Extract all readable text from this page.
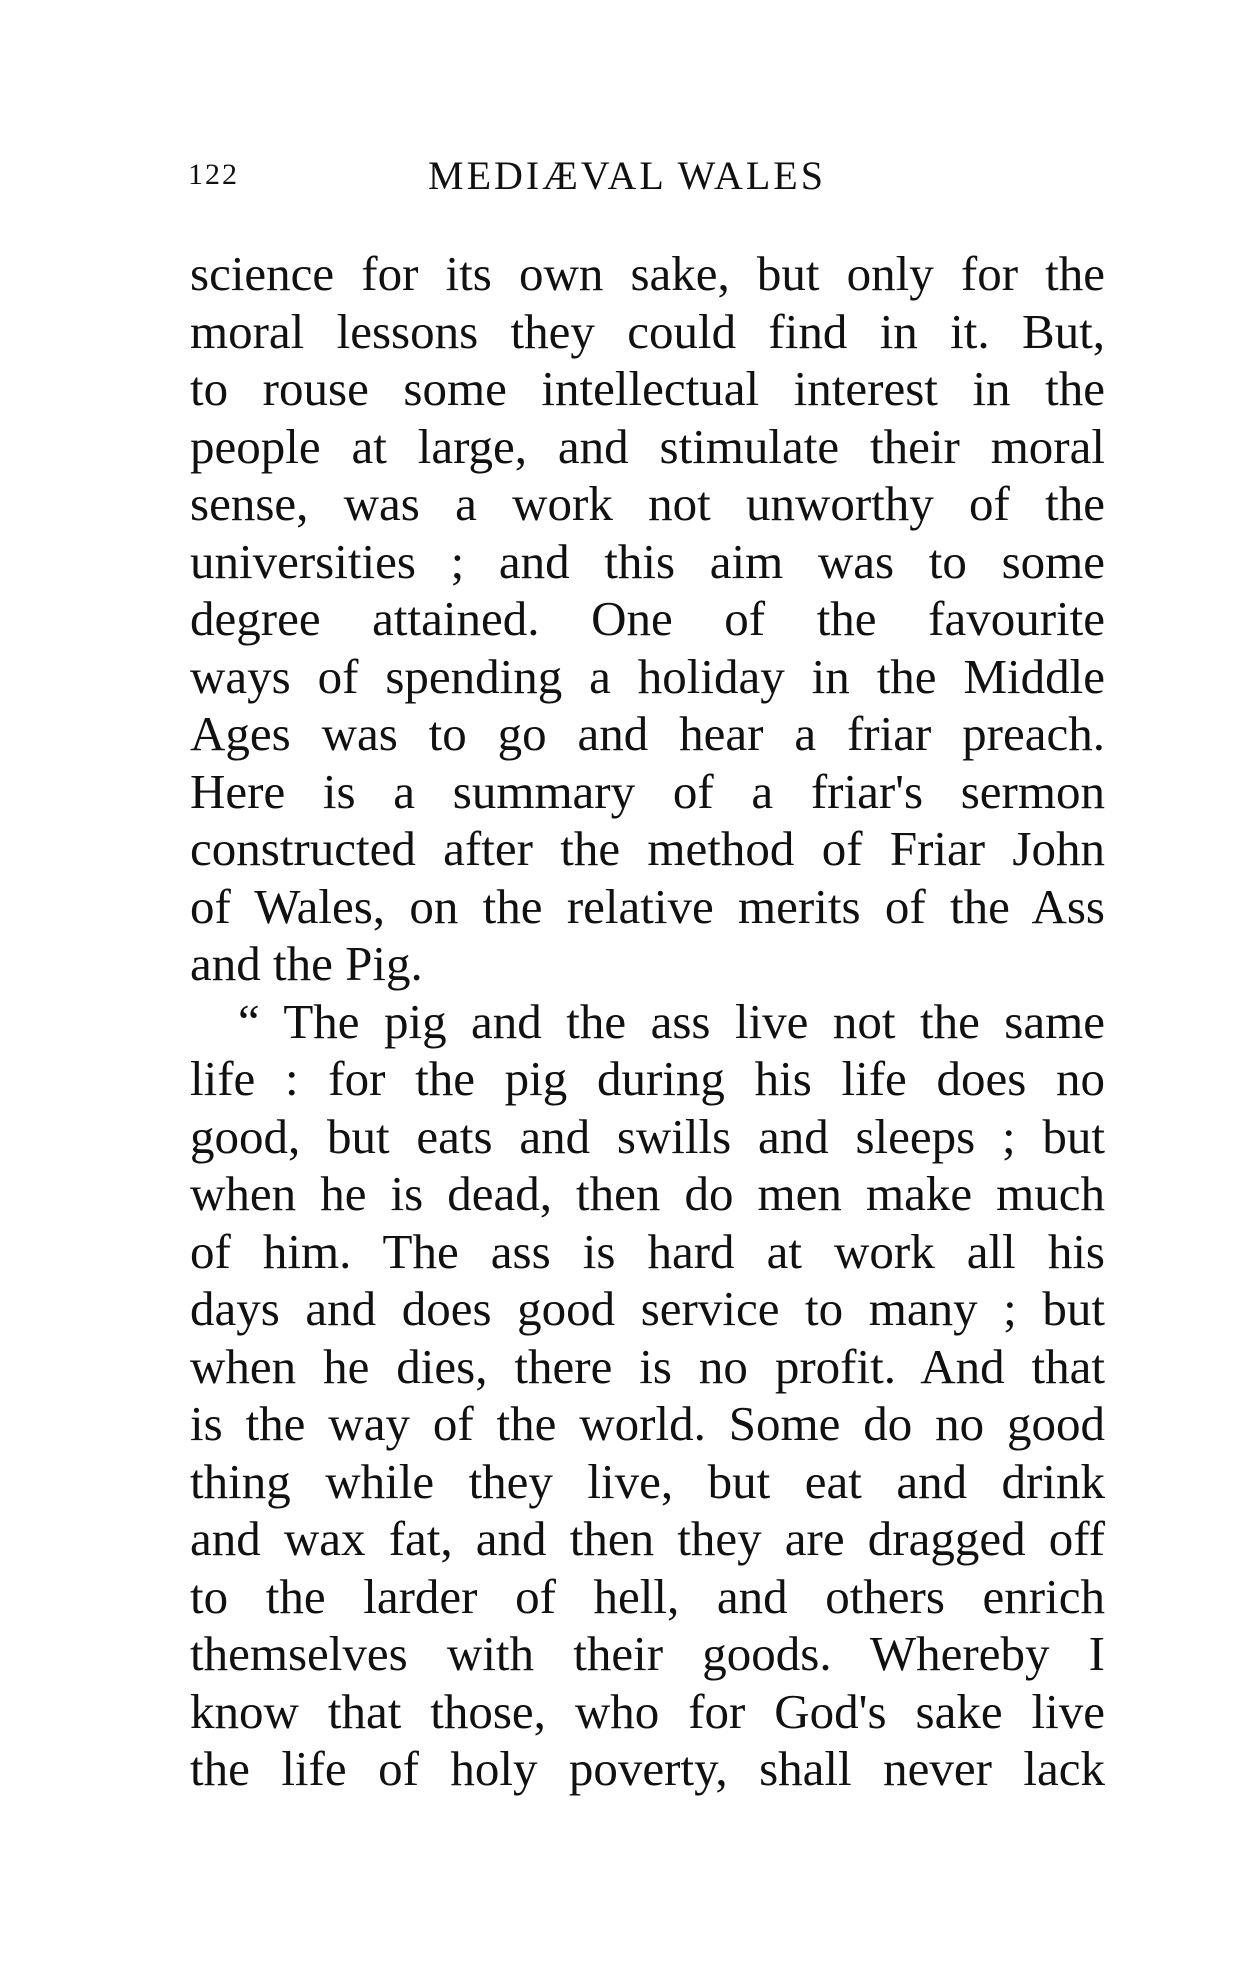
122	MEDIÆVAL WALES
science for its own sake, but only for the
moral lessons they could find in it. But,
to rouse some intellectual interest in the
people at large, and stimulate their moral
sense, was a work not unworthy of the
universities ; and this aim was to some
degree attained. One of the favourite
ways of spending a holiday in the Middle
Ages was to go and hear a friar preach.
Here is a summary of a friar's sermon
constructed after the method of Friar John
of Wales, on the relative merits of the Ass
and the Pig.
“ The pig and the ass live not the same
life : for the pig during his life does no
good, but eats and swills and sleeps ; but
when he is dead, then do men make much
of him. The ass is hard at work all his
days and does good service to many ; but
when he dies, there is no profit. And that
is the way of the world. Some do no good
thing while they live, but eat and drink
and wax fat, and then they are dragged off
to the larder of hell, and others enrich
themselves with their goods. Whereby I
know that those, who for God's sake live
the life of holy poverty, shall never lack
